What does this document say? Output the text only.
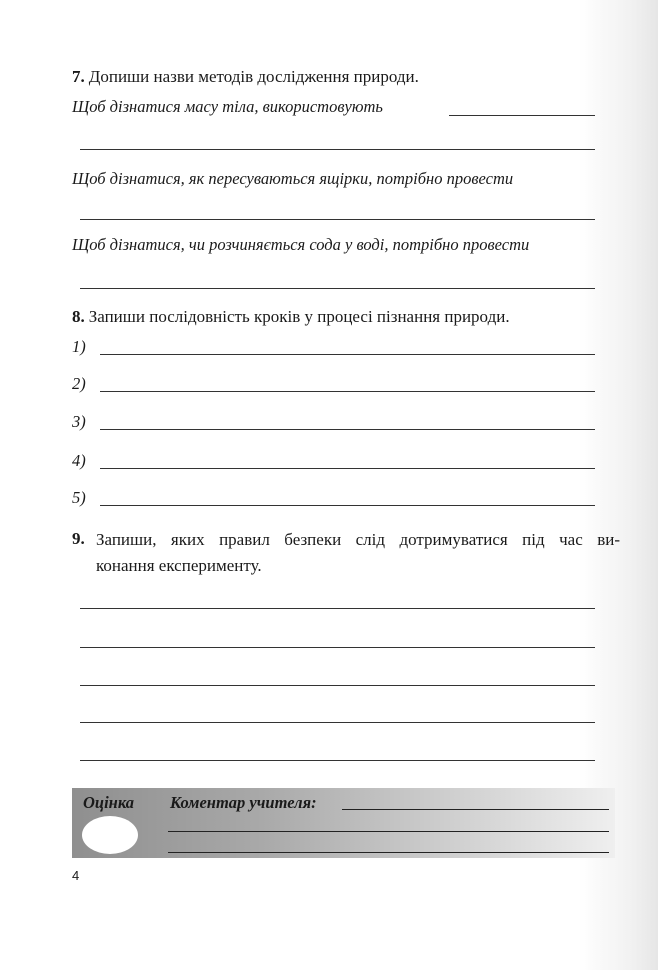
7. Допиши назви методів дослідження природи.
Щоб дізнатися масу тіла, використовують
Щоб дізнатися, як пересуваються ящірки, потрібно провести
Щоб дізнатися, чи розчиняється сода у воді, потрібно провести
8. Запиши послідовність кроків у процесі пізнання природи.
1)
2)
3)
4)
5)
9. Запиши, яких правил безпеки слід дотримуватися під час ви-
конання експерименту.
Оцінка Коментар учителя:
4
